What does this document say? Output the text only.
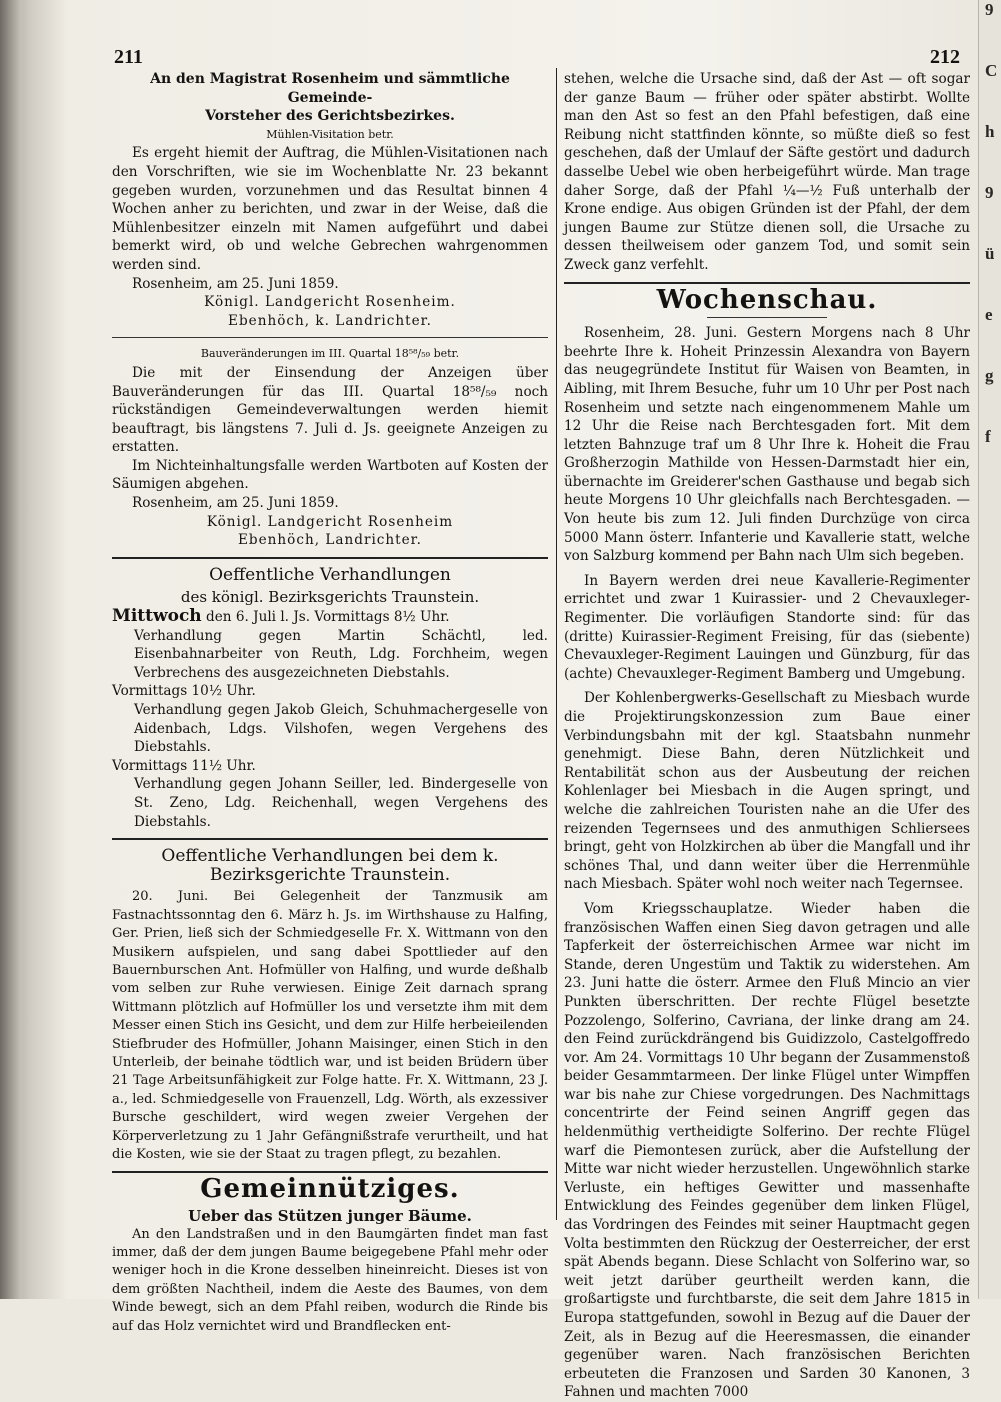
9
C
h
9
ü
e
g
f
211	212

An den Magistrat Rosenheim und sämmtliche Gemeinde-

Vorsteher des Gerichtsbezirkes.

Mühlen-Visitation betr.

Es ergeht hiemit der Auftrag, die Mühlen-Visitationen nach den Vorschriften, wie sie im Wochenblatte Nr. 23 bekannt gegeben wurden, vorzunehmen und das Resultat binnen 4 Wochen anher zu berichten, und zwar in der Weise, daß die Mühlenbesitzer einzeln mit Namen aufgeführt und dabei bemerkt wird, ob und welche Gebrechen wahrgenommen werden sind.

Rosenheim, am 25. Juni 1859.

Königl. Landgericht Rosenheim.

Ebenhöch, k. Landrichter.

Bauveränderungen im III. Quartal 18⁵⁸/₅₉ betr.

Die mit der Einsendung der Anzeigen über Bauveränderungen für das III. Quartal 18⁵⁸/₅₉ noch rückständigen Gemeindeverwaltungen werden hiemit beauftragt, bis längstens 7. Juli d. Js. geeignete Anzeigen zu erstatten.

Im Nichteinhaltungsfalle werden Wartboten auf Kosten der Säumigen abgehen.

Rosenheim, am 25. Juni 1859.

Königl. Landgericht Rosenheim

Ebenhöch, Landrichter.

Oeffentliche Verhandlungen

des königl. Bezirksgerichts Traunstein.

Mittwoch den 6. Juli l. Js. Vormittags 8½ Uhr.

Verhandlung gegen Martin Schächtl, led. Eisenbahnarbeiter von Reuth, Ldg. Forchheim, wegen Verbrechens des ausgezeichneten Diebstahls.

Vormittags 10½ Uhr.

Verhandlung gegen Jakob Gleich, Schuhmachergeselle von Aidenbach, Ldgs. Vilshofen, wegen Vergehens des Diebstahls.

Vormittags 11½ Uhr.

Verhandlung gegen Johann Seiller, led. Bindergeselle von St. Zeno, Ldg. Reichenhall, wegen Vergehens des Diebstahls.

Oeffentliche Verhandlungen bei dem k. Bezirksgerichte Traunstein.

20. Juni. Bei Gelegenheit der Tanzmusik am Fastnachtssonntag den 6. März h. Js. im Wirthshause zu Halfing, Ger. Prien, ließ sich der Schmiedgeselle Fr. X. Wittmann von den Musikern aufspielen, und sang dabei Spottlieder auf den Bauernburschen Ant. Hofmüller von Halfing, und wurde deßhalb vom selben zur Ruhe verwiesen. Einige Zeit darnach sprang Wittmann plötzlich auf Hofmüller los und versetzte ihm mit dem Messer einen Stich ins Gesicht, und dem zur Hilfe herbeieilenden Stiefbruder des Hofmüller, Johann Maisinger, einen Stich in den Unterleib, der beinahe tödtlich war, und ist beiden Brüdern über 21 Tage Arbeitsunfähigkeit zur Folge hatte. Fr. X. Wittmann, 23 J. a., led. Schmiedgeselle von Frauenzell, Ldg. Wörth, als exzessiver Bursche geschildert, wird wegen zweier Vergehen der Körperverletzung zu 1 Jahr Gefängnißstrafe verurtheilt, und hat die Kosten, wie sie der Staat zu tragen pflegt, zu bezahlen.

Gemeinnütziges.

Ueber das Stützen junger Bäume.

An den Landstraßen und in den Baumgärten findet man fast immer, daß der dem jungen Baume beigegebene Pfahl mehr oder weniger hoch in die Krone desselben hineinreicht. Dieses ist von dem größten Nachtheil, indem die Aeste des Baumes, von dem Winde bewegt, sich an dem Pfahl reiben, wodurch die Rinde bis auf das Holz vernichtet wird und Brandflecken ent-

stehen, welche die Ursache sind, daß der Ast — oft sogar der ganze Baum — früher oder später abstirbt. Wollte man den Ast so fest an den Pfahl befestigen, daß eine Reibung nicht stattfinden könnte, so müßte dieß so fest geschehen, daß der Umlauf der Säfte gestört und dadurch dasselbe Uebel wie oben herbeigeführt würde. Man trage daher Sorge, daß der Pfahl ¼—½ Fuß unterhalb der Krone endige. Aus obigen Gründen ist der Pfahl, der dem jungen Baume zur Stütze dienen soll, die Ursache zu dessen theilweisem oder ganzem Tod, und somit sein Zweck ganz verfehlt.

Wochenschau.

Rosenheim, 28. Juni. Gestern Morgens nach 8 Uhr beehrte Ihre k. Hoheit Prinzessin Alexandra von Bayern das neugegründete Institut für Waisen von Beamten, in Aibling, mit Ihrem Besuche, fuhr um 10 Uhr per Post nach Rosenheim und setzte nach eingenommenem Mahle um 12 Uhr die Reise nach Berchtesgaden fort. Mit dem letzten Bahnzuge traf um 8 Uhr Ihre k. Hoheit die Frau Großherzogin Mathilde von Hessen-Darmstadt hier ein, übernachte im Greiderer'schen Gasthause und begab sich heute Morgens 10 Uhr gleichfalls nach Berchtesgaden. — Von heute bis zum 12. Juli finden Durchzüge von circa 5000 Mann österr. Infanterie und Kavallerie statt, welche von Salzburg kommend per Bahn nach Ulm sich begeben.

In Bayern werden drei neue Kavallerie-Regimenter errichtet und zwar 1 Kuirassier- und 2 Chevauxleger-Regimenter. Die vorläufigen Standorte sind: für das (dritte) Kuirassier-Regiment Freising, für das (siebente) Chevauxleger-Regiment Lauingen und Günzburg, für das (achte) Chevauxleger-Regiment Bamberg und Umgebung.

Der Kohlenbergwerks-Gesellschaft zu Miesbach wurde die Projektirungskonzession zum Baue einer Verbindungsbahn mit der kgl. Staatsbahn nunmehr genehmigt. Diese Bahn, deren Nützlichkeit und Rentabilität schon aus der Ausbeutung der reichen Kohlenlager bei Miesbach in die Augen springt, und welche die zahlreichen Touristen nahe an die Ufer des reizenden Tegernsees und des anmuthigen Schliersees bringt, geht von Holzkirchen ab über die Mangfall und ihr schönes Thal, und dann weiter über die Herrenmühle nach Miesbach. Später wohl noch weiter nach Tegernsee.

Vom Kriegsschauplatze. Wieder haben die französischen Waffen einen Sieg davon getragen und alle Tapferkeit der österreichischen Armee war nicht im Stande, deren Ungestüm und Taktik zu widerstehen. Am 23. Juni hatte die österr. Armee den Fluß Mincio an vier Punkten überschritten. Der rechte Flügel besetzte Pozzolengo, Solferino, Cavriana, der linke drang am 24. den Feind zurückdrängend bis Guidizzolo, Castelgoffredo vor. Am 24. Vormittags 10 Uhr begann der Zusammenstoß beider Gesammtarmeen. Der linke Flügel unter Wimpffen war bis nahe zur Chiese vorgedrungen. Des Nachmittags concentrirte der Feind seinen Angriff gegen das heldenmüthig vertheidigte Solferino. Der rechte Flügel warf die Piemontesen zurück, aber die Aufstellung der Mitte war nicht wieder herzustellen. Ungewöhnlich starke Verluste, ein heftiges Gewitter und massenhafte Entwicklung des Feindes gegenüber dem linken Flügel, das Vordringen des Feindes mit seiner Hauptmacht gegen Volta bestimmten den Rückzug der Oesterreicher, der erst spät Abends begann. Diese Schlacht von Solferino war, so weit jetzt darüber geurtheilt werden kann, die großartigste und furchtbarste, die seit dem Jahre 1815 in Europa stattgefunden, sowohl in Bezug auf die Dauer der Zeit, als in Bezug auf die Heeresmassen, die einander gegenüber waren. Nach französischen Berichten erbeuteten die Franzosen und Sarden 30 Kanonen, 3 Fahnen und machten 7000
